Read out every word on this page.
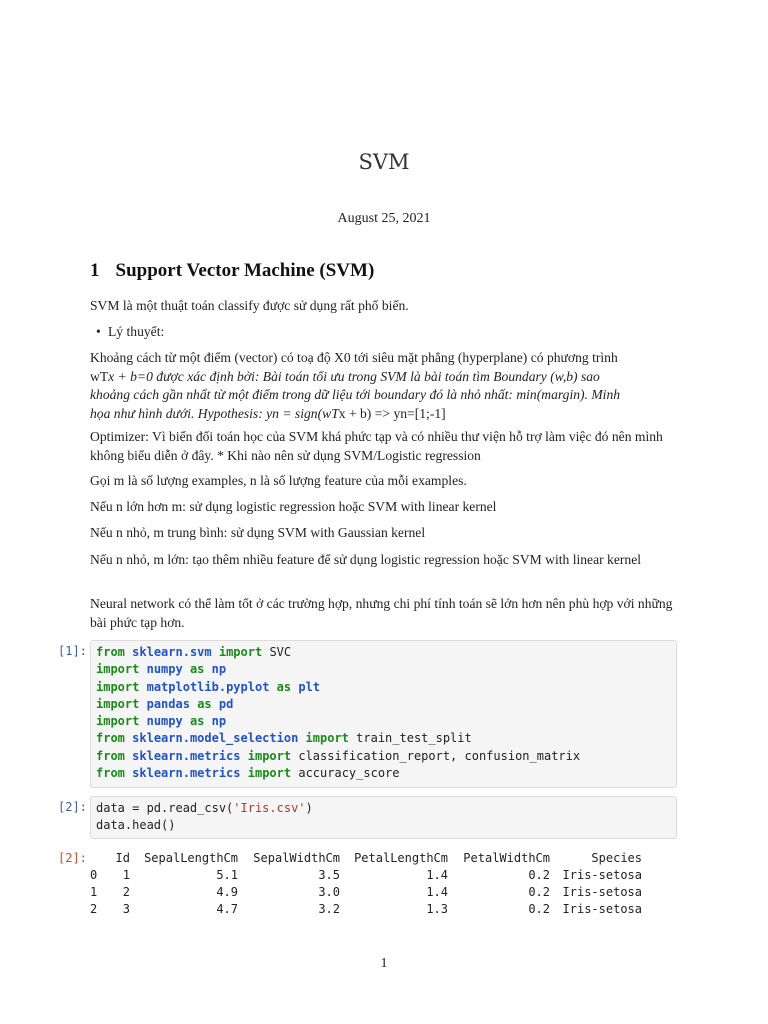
SVM
August 25, 2021
1 Support Vector Machine (SVM)

SVM là một thuật toán classify được sử dụng rất phổ biến.

• Lý thuyết:
Khoảng cách từ một điểm (vector) có toạ độ X0 tới siêu mặt phẳng (hyperplane) có phương trình
wTx + b=0 được xác định bởi: Bài toán tối ưu trong SVM là bài toán tìm Boundary (w,b) sao
khoảng cách gần nhất từ một điểm trong dữ liệu tới boundary đó là nhỏ nhất: min(margin). Minh
họa như hình dưới. Hypothesis: yn = sign(wTx + b) => yn=[1;-1]

Optimizer: Vì biến đổi toán học của SVM khá phức tạp và có nhiều thư viện hỗ trợ làm việc đó nên mình không biểu diễn ở đây. * Khi nào nên sử dụng SVM/Logistic regression

Gọi m là số lượng examples, n là số lượng feature của mỗi examples.

Nếu n lớn hơn m: sử dụng logistic regression hoặc SVM with linear kernel

Nếu n nhỏ, m trung bình: sử dụng SVM with Gaussian kernel

Nếu n nhỏ, m lớn: tạo thêm nhiều feature để sử dụng logistic regression hoặc SVM with linear kernel

Neural network có thể làm tốt ở các trường hợp, nhưng chi phí tính toán sẽ lớn hơn nên phù hợp với những bài phức tạp hơn.

[1]: from sklearn.svm import SVC
import numpy as np
import matplotlib.pyplot as plt
import pandas as pd
import numpy as np
from sklearn.model_selection import train_test_split
from sklearn.metrics import classification_report, confusion_matrix
from sklearn.metrics import accuracy_score
[2]: data = pd.read_csv('Iris.csv')
data.head()
[2]:
	Id	SepalLengthCm	SepalWidthCm	PetalLengthCm	PetalWidthCm	Species
0	1	5.1	3.5	1.4	0.2	Iris-setosa
1	2	4.9	3.0	1.4	0.2	Iris-setosa
2	3	4.7	3.2	1.3	0.2	Iris-setosa
1
